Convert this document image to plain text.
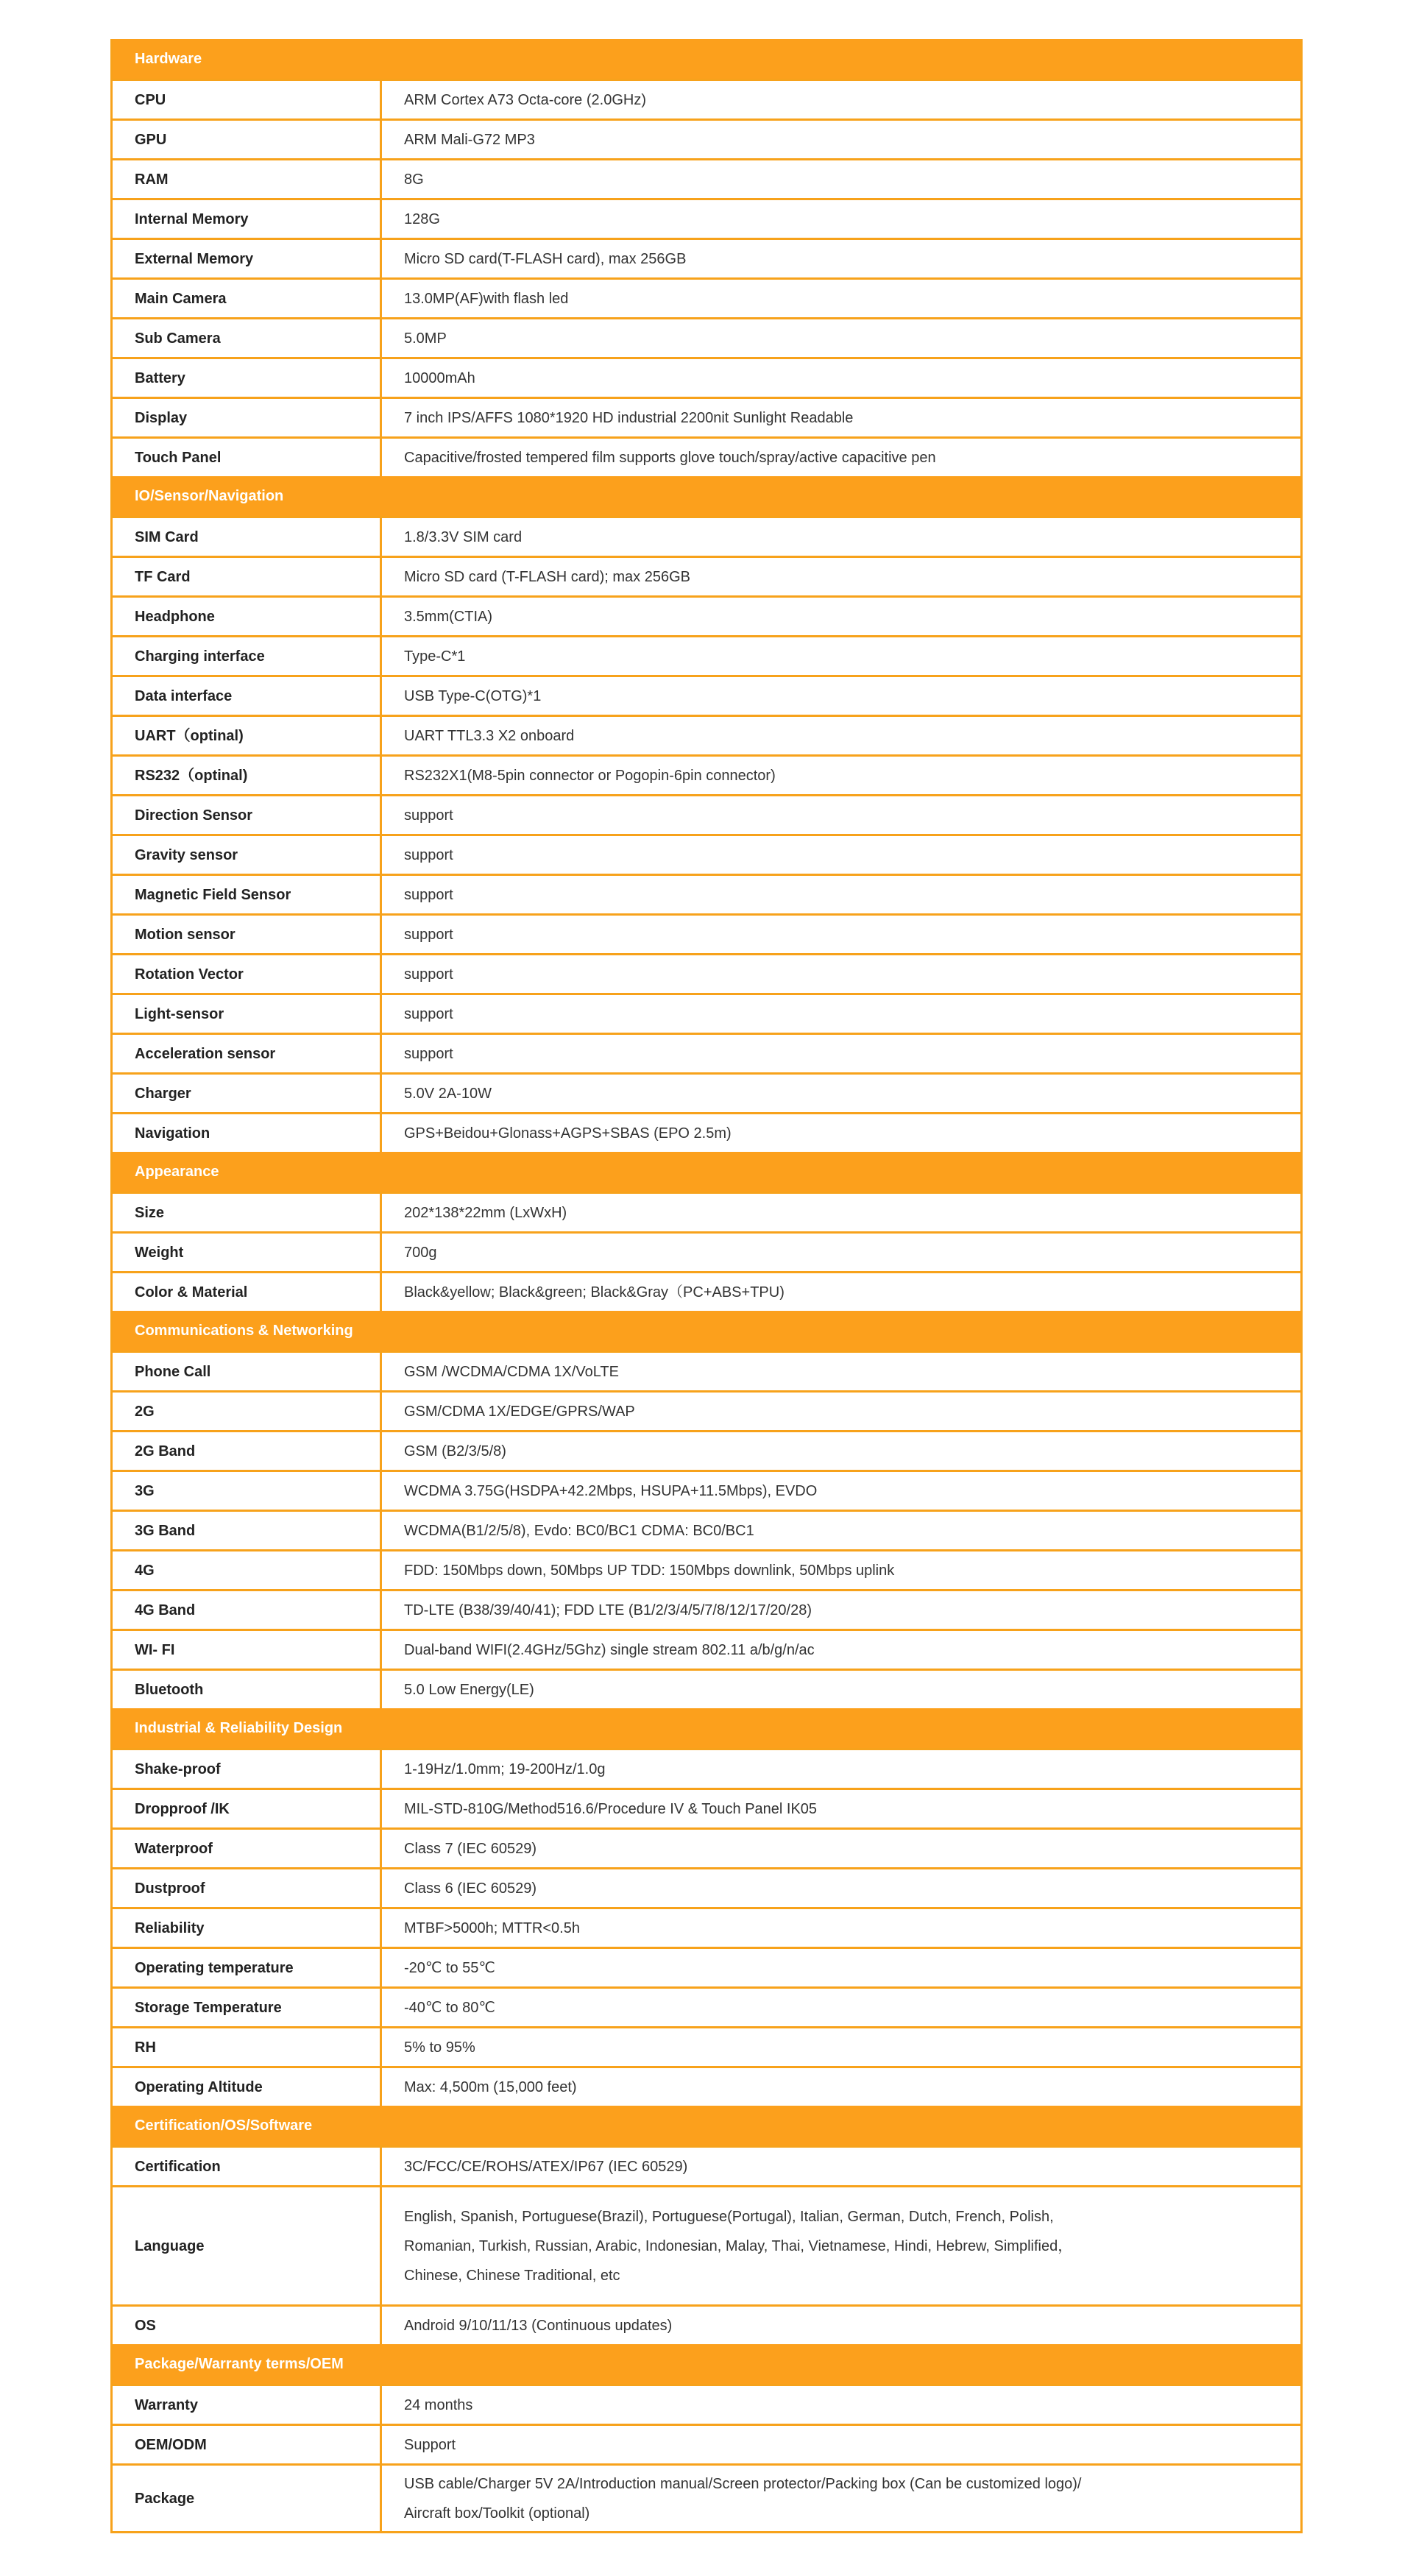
Hardware	
CPU	ARM Cortex A73 Octa-core (2.0GHz)
GPU	ARM Mali-G72 MP3
RAM	8G
Internal Memory	128G
External Memory	Micro SD card(T-FLASH card), max 256GB
Main Camera	13.0MP(AF)with flash led
Sub Camera	5.0MP
Battery	10000mAh
Display	7 inch IPS/AFFS 1080*1920 HD industrial 2200nit Sunlight Readable
Touch Panel	Capacitive/frosted tempered film supports glove touch/spray/active capacitive pen
IO/Sensor/Navigation	
SIM Card	1.8/3.3V SIM card
TF Card	Micro SD card (T-FLASH card); max 256GB
Headphone	3.5mm(CTIA)
Charging interface	Type-C*1
Data interface	USB Type-C(OTG)*1
UART（optinal)	UART TTL3.3 X2 onboard
RS232（optinal)	RS232X1(M8-5pin connector or Pogopin-6pin connector)
Direction Sensor	support
Gravity sensor	support
Magnetic Field Sensor	support
Motion sensor	support
Rotation Vector	support
Light-sensor	support
Acceleration sensor	support
Charger	5.0V 2A-10W
Navigation	GPS+Beidou+Glonass+AGPS+SBAS (EPO 2.5m)
Appearance	
Size	202*138*22mm (LxWxH)
Weight	700g
Color & Material	Black&yellow; Black&green; Black&Gray（PC+ABS+TPU)
Communications & Networking	
Phone Call	GSM /WCDMA/CDMA 1X/VoLTE
2G	GSM/CDMA 1X/EDGE/GPRS/WAP
2G Band	GSM (B2/3/5/8)
3G	WCDMA 3.75G(HSDPA+42.2Mbps, HSUPA+11.5Mbps), EVDO
3G Band	WCDMA(B1/2/5/8), Evdo: BC0/BC1 CDMA: BC0/BC1
4G	FDD: 150Mbps down, 50Mbps UP TDD: 150Mbps downlink, 50Mbps uplink
4G Band	TD-LTE (B38/39/40/41); FDD LTE (B1/2/3/4/5/7/8/12/17/20/28)
WI- FI	Dual-band WIFI(2.4GHz/5Ghz) single stream 802.11 a/b/g/n/ac
Bluetooth	5.0 Low Energy(LE)
Industrial & Reliability Design	
Shake-proof	1-19Hz/1.0mm; 19-200Hz/1.0g
Dropproof /IK	MIL-STD-810G/Method516.6/Procedure IV & Touch Panel IK05
Waterproof	Class 7 (IEC 60529)
Dustproof	Class 6 (IEC 60529)
Reliability	MTBF>5000h; MTTR<0.5h
Operating temperature	-20℃ to 55℃
Storage Temperature	-40℃ to 80℃
RH	5% to 95%
Operating Altitude	Max: 4,500m (15,000 feet)
Certification/OS/Software	
Certification	3C/FCC/CE/ROHS/ATEX/IP67 (IEC 60529)
Language	English, Spanish, Portuguese(Brazil), Portuguese(Portugal), Italian, German, Dutch, French, Polish,
Romanian, Turkish, Russian, Arabic, Indonesian, Malay, Thai, Vietnamese, Hindi, Hebrew, Simplified，
Chinese, Chinese Traditional, etc

OS	Android 9/10/11/13 (Continuous updates)
Package/Warranty terms/OEM	
Warranty	24 months
OEM/ODM	Support
Package	USB cable/Charger 5V 2A/Introduction manual/Screen protector/Packing box (Can be customized logo)/
Aircraft box/Toolkit (optional)
